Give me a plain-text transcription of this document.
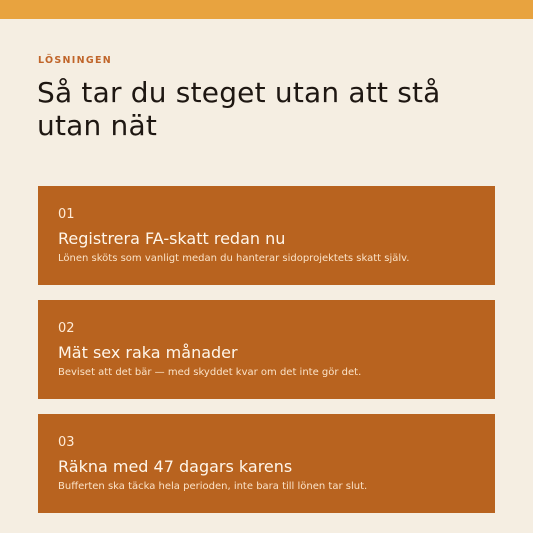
LÖSNINGEN
Så tar du steget utan att stå utan nät
01
Registrera FA-skatt redan nu
Lönen sköts som vanligt medan du hanterar sidoprojektets skatt själv.
02
Mät sex raka månader
Beviset att det bär — med skyddet kvar om det inte gör det.
03
Räkna med 47 dagars karens
Bufferten ska täcka hela perioden, inte bara till lönen tar slut.
